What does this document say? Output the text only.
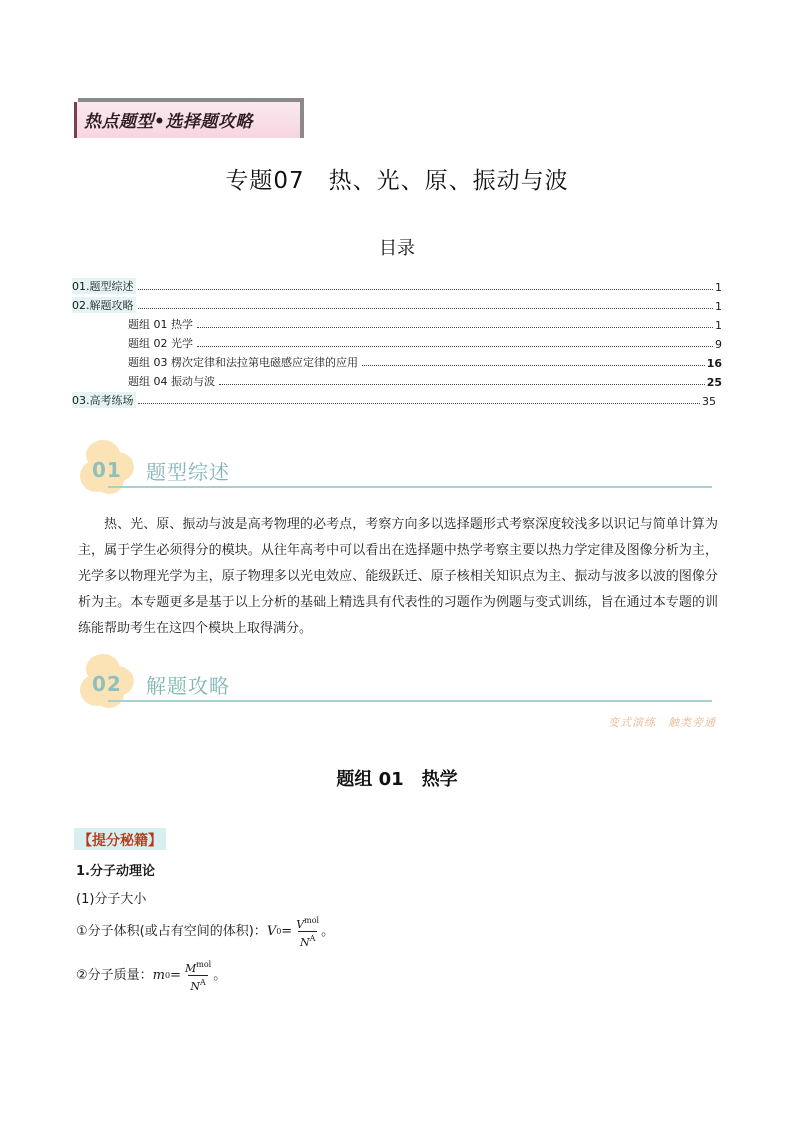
热点题型•选择题攻略
专题07　热、光、原、振动与波
目录
01.题型综述	1
02.解题攻略	1
题组 01 热学	1
题组 02 光学	9
题组 03 楞次定律和法拉第电磁感应定律的应用	16
题组 04 振动与波	25
03.高考练场	35
01 题型综述

热、光、原、振动与波是高考物理的必考点，考察方向多以选择题形式考察深度较浅多以识记与简单计算为主，属于学生必须得分的模块。从往年高考中可以看出在选择题中热学考察主要以热力学定律及图像分析为主，光学多以物理光学为主，原子物理多以光电效应、能级跃迁、原子核相关知识点为主、振动与波多以波的图像分析为主。本专题更多是基于以上分析的基础上精选具有代表性的习题作为例题与变式训练，旨在通过本专题的训练能帮助考生在这四个模块上取得满分。

02 解题攻略
变式演练　触类旁通
题组 01　热学
【提分秘籍】
1.分子动理论
(1)分子大小
①分子体积(或占有空间的体积)： V $0 = \frac{V^{mol}}{N^A}$ 。
②分子质量： m $0 = \frac{M^{mol}}{N^A}$ 。
